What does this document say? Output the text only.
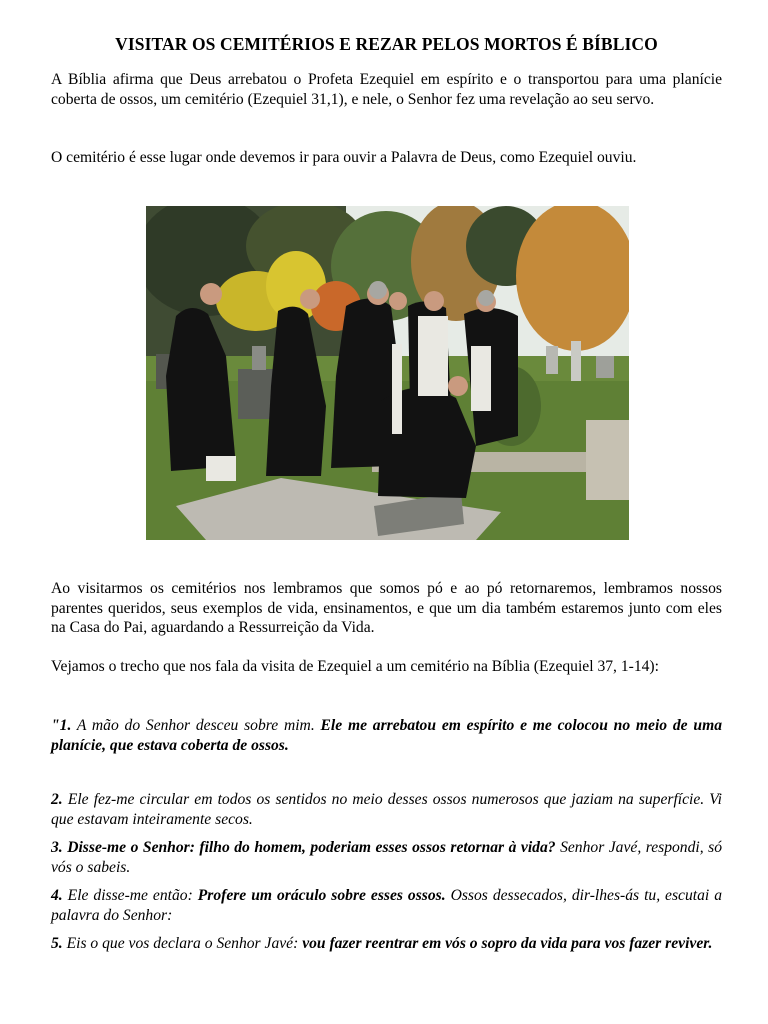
VISITAR OS CEMITÉRIOS E REZAR PELOS MORTOS É BÍBLICO

A Bíblia afirma que Deus arrebatou o Profeta Ezequiel em espírito e o transportou para uma planície coberta de ossos, um cemitério (Ezequiel 31,1), e nele, o Senhor fez uma revelação ao seu servo.

O cemitério é esse lugar onde devemos ir para ouvir a Palavra de Deus, como Ezequiel ouviu.

Ao visitarmos os cemitérios nos lembramos que somos pó e ao pó retornaremos, lembramos nossos parentes queridos, seus exemplos de vida, ensinamentos, e que um dia também estaremos junto com eles na Casa do Pai, aguardando a Ressurreição da Vida.

Vejamos o trecho que nos fala da visita de Ezequiel a um cemitério na Bíblia (Ezequiel 37, 1-14):

"1. A mão do Senhor desceu sobre mim. Ele me arrebatou em espírito e me colocou no meio de uma planície, que estava coberta de ossos.

2. Ele fez-me circular em todos os sentidos no meio desses ossos numerosos que jaziam na superfície. Vi que estavam inteiramente secos.

3. Disse-me o Senhor: filho do homem, poderiam esses ossos retornar à vida? Senhor Javé, respondi, só vós o sabeis.

4. Ele disse-me então: Profere um oráculo sobre esses ossos. Ossos dessecados, dir-lhes-ás tu, escutai a palavra do Senhor:

5. Eis o que vos declara o Senhor Javé: vou fazer reentrar em vós o sopro da vida para vos fazer reviver.
